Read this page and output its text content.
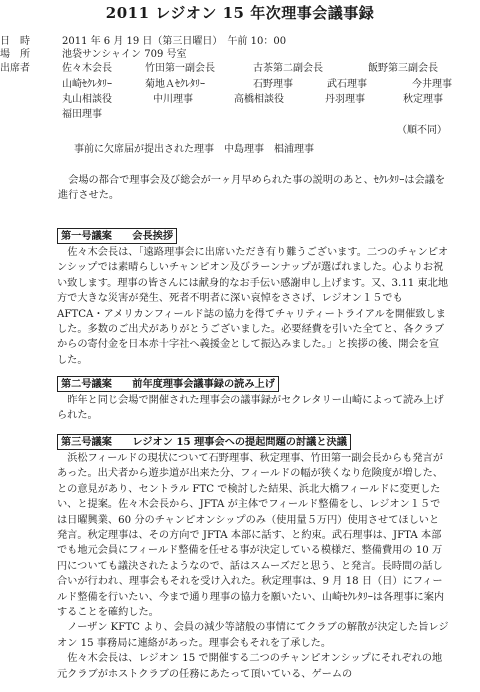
2011 レジオン 15 年次理事会議事録
日　時	2011 年 6 月 19 日（第三日曜日）　午前 10：00
場　所	池袋サンシャイン 709 号室
出席者	佐々木会長	竹田第一副会長	古茶第二副会長	飯野第三副会長
山崎ｾｸﾚﾀﾘｰ	菊地Ａｾｸﾚﾀﾘｰ	石野理事	武石理事	今井理事
丸山相談役	中川理事	高橋相談役	丹羽理事	秋定理事
福田理事
（順不同）
事前に欠席届が提出された理事　中島理事　椙浦理事

会場の都合で理事会及び総会が一ヶ月早められた事の説明のあと、ｾｸﾚﾀﾘｰは会議を進行させた。

第一号議案　　会長挨拶

佐々木会長は、「遠路理事会に出席いただき有り難うございます。二つのチャンピオンシップでは素晴らしいチャンピオン及びラーンナップが選ばれました。心よりお祝い致します。理事の皆さんには献身的なお手伝い感謝申し上げます。又、3.11 東北地方で大きな災害が発生、死者不明者に深い哀悼をささげ、レジオン１５でも AFTCA・アメリカンフィールド誌の協力を得てチャリティートライアルを開催致しました。多数のご出犬がありがとうございました。必要経費を引いた全てと、各クラブからの寄付金を日本赤十字社へ義援金として振込みました。」と挨拶の後、開会を宣した。

第二号議案　　前年度理事会議事録の読み上げ

昨年と同じ会場で開催された理事会の議事録がセクレタリー山崎によって読み上げられた。

第三号議案　　レジオン 15 理事会への提起問題の討議と決議

浜松フィールドの現状について石野理事、秋定理事、竹田第一副会長からも発言があった。出犬者から遊歩道が出来た分、フィールドの幅が狭くなり危険度が増した、との意見があり、セントラル FTC で検討した結果、浜北大橋フィールドに変更したい、と提案。佐々木会長から、JFTA が主体でフィールド整備をし、レジオン１５では日曜興業、60 分のチャンピオンシップのみ（使用量５万円）使用させてほしいと発言。秋定理事は、その方向で JFTA 本部に話す、と約束。武石理事は、JFTA 本部でも地元会員にフィールド整備を任せる事が決定している模様だ、整備費用の 10 万円についても議決されたようなので、話はスムーズだと思う、と発言。長時間の話し合いが行われ、理事会もそれを受け入れた。秋定理事は、9 月 18 日（日）にフィールド整備を行いたい、今まで通り理事の協力を願いたい、山崎ｾｸﾚﾀﾘｰは各理事に案内することを確約した。

ノーザン KFTC より、会員の減少等諸般の事情にてクラブの解散が決定した旨レジオン 15 事務局に連絡があった。理事会もそれを了承した。

佐々木会長は、レジオン 15 で開催する二つのチャンピオンシップにそれぞれの地元クラブがホストクラブの任務にあたって頂いている、ゲームの
